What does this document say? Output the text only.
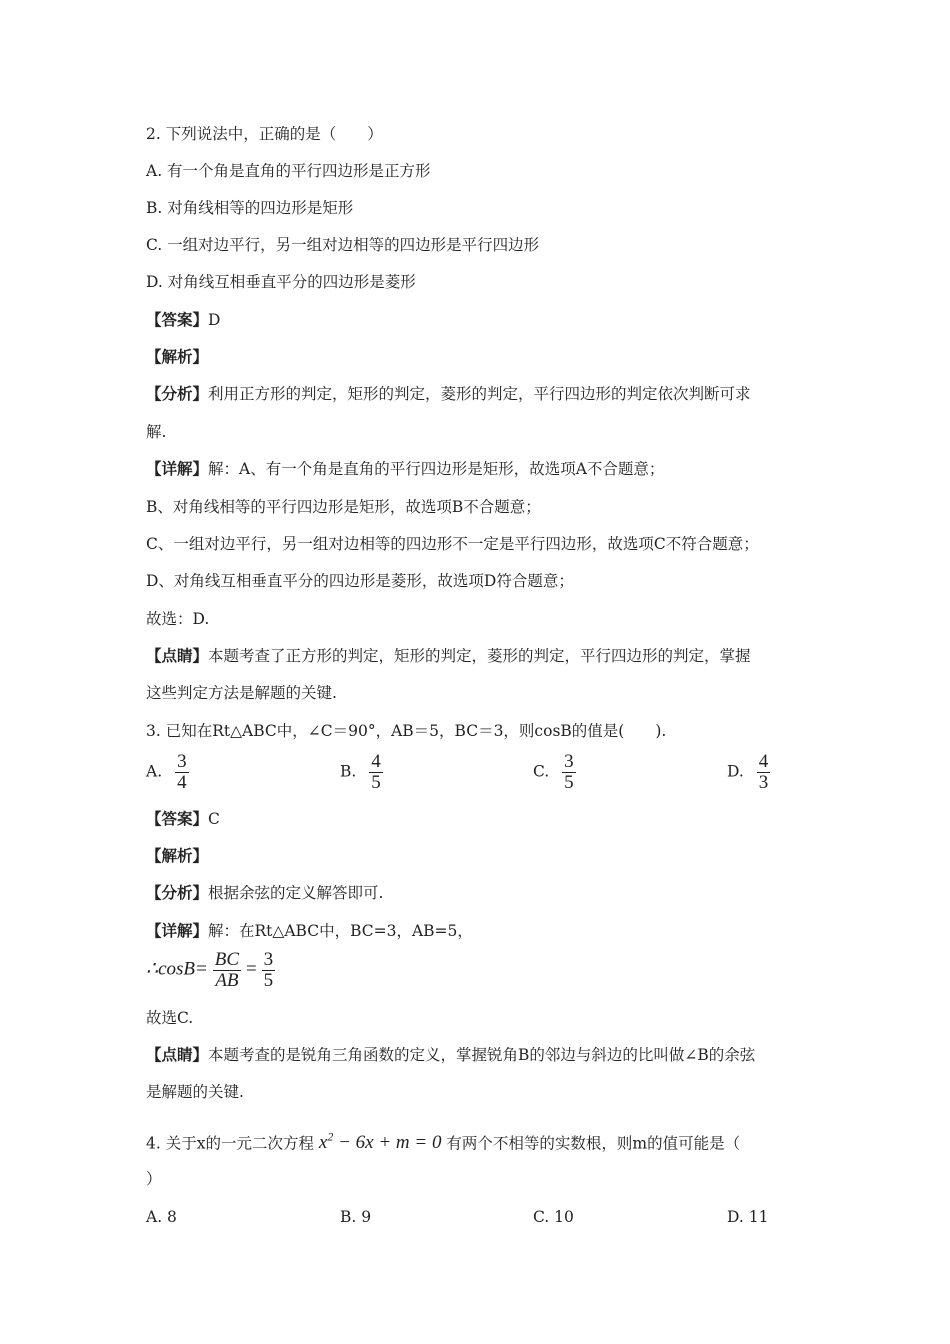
2. 下列说法中，正确的是（　　）
A. 有一个角是直角的平行四边形是正方形
B. 对角线相等的四边形是矩形
C. 一组对边平行，另一组对边相等的四边形是平行四边形
D. 对角线互相垂直平分的四边形是菱形
【答案】D
【解析】
【分析】利用正方形的判定，矩形的判定，菱形的判定，平行四边形的判定依次判断可求
解.
【详解】解：A、有一个角是直角的平行四边形是矩形，故选项A不合题意；
B、对角线相等的平行四边形是矩形，故选项B不合题意；
C、一组对边平行，另一组对边相等的四边形不一定是平行四边形，故选项C不符合题意；
D、对角线互相垂直平分的四边形是菱形，故选项D符合题意；
故选：D.
【点睛】本题考查了正方形的判定，矩形的判定，菱形的判定，平行四边形的判定，掌握
这些判定方法是解题的关键.
3. 已知在Rt△ABC中，∠C＝90°，AB＝5，BC＝3，则cosB的值是(　　).
A. $\frac{3}{4}$	B. $\frac{4}{5}$	C. $\frac{3}{5}$	D. $\frac{4}{3}$
【答案】C
【解析】
【分析】根据余弦的定义解答即可.
【详解】解：在Rt△ABC中，BC=3，AB=5，
∴cosB= $\frac{BC}{AB} = \frac{3}{5}$
故选C.
【点睛】本题考查的是锐角三角函数的定义，掌握锐角B的邻边与斜边的比叫做∠B的余弦
是解题的关键.
4. 关于x的一元二次方程 $x^2 - 6x + m = 0$ 有两个不相等的实数根，则m的值可能是（
）
A. 8	B. 9	C. 10	D. 11
